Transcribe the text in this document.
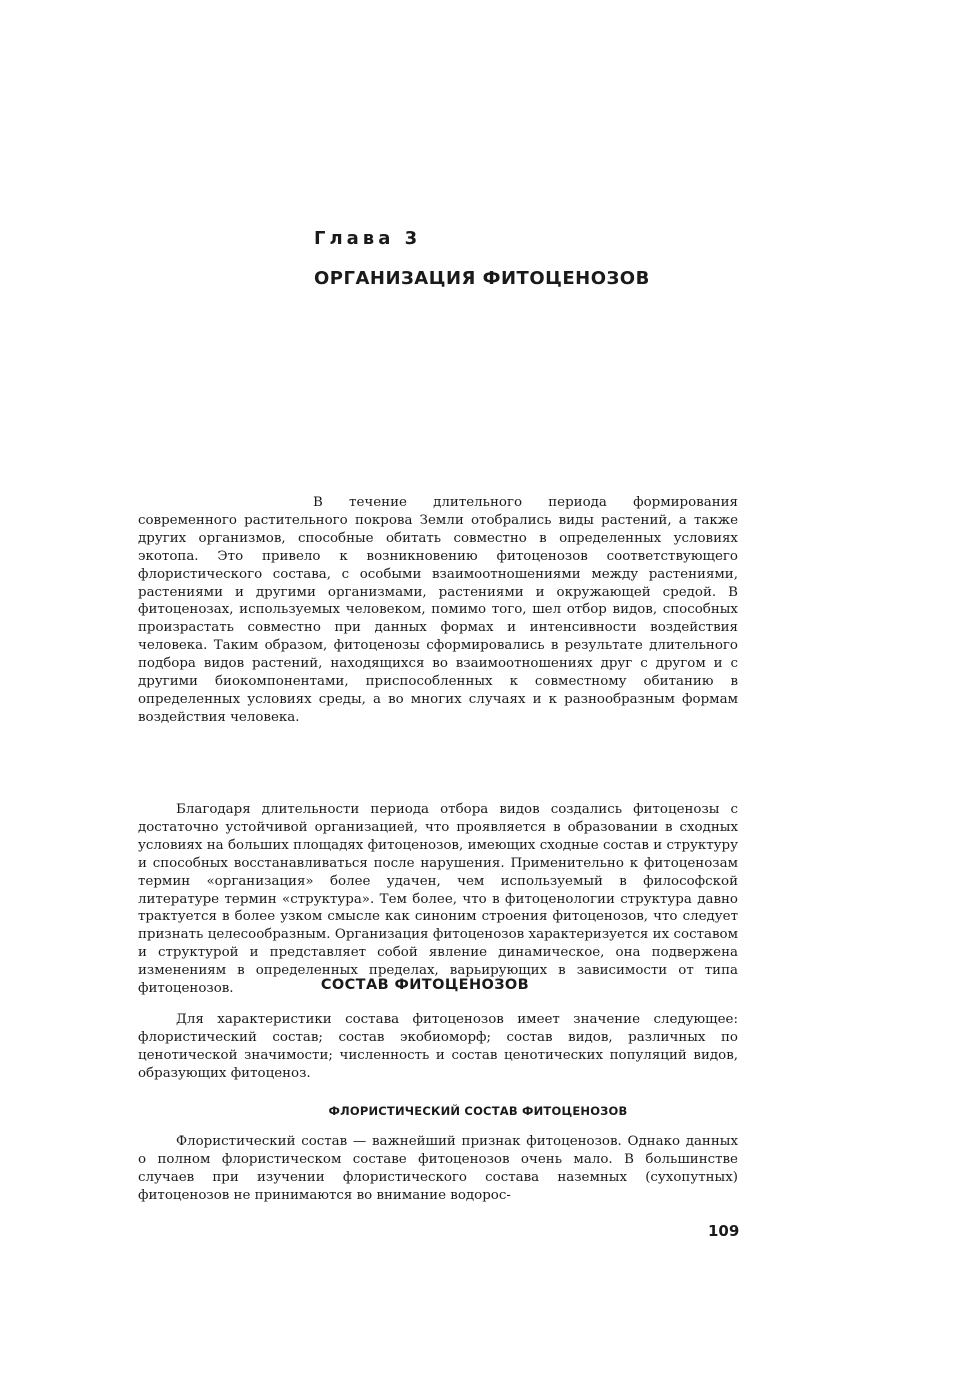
Глава 3
ОРГАНИЗАЦИЯ ФИТОЦЕНОЗОВ

В течение длительного периода формирования современного растительного покрова Земли отобрались виды растений, а также других организмов, способные обитать совместно в определенных условиях экотопа. Это привело к возникновению фитоценозов соответствующего флористического состава, с особыми взаимоотношениями между растениями, растениями и другими организмами, растениями и окружающей средой. В фитоценозах, используемых человеком, помимо того, шел отбор видов, способных произрастать совместно при данных формах и интенсивности воздействия человека. Таким образом, фитоценозы сформировались в результате длительного подбора видов растений, находящихся во взаимоотношениях друг с другом и с другими биокомпонентами, приспособленных к совместному обитанию в определенных условиях среды, а во многих случаях и к разнообразным формам воздействия человека.

Благодаря длительности периода отбора видов создались фитоценозы с достаточно устойчивой организацией, что проявляется в образовании в сходных условиях на больших площадях фитоценозов, имеющих сходные состав и структуру и способных восстанавливаться после нарушения. Применительно к фитоценозам термин «организация» более удачен, чем используемый в философской литературе термин «структура». Тем более, что в фитоценологии структура давно трактуется в более узком смысле как синоним строения фитоценозов, что следует признать целесообразным. Организация фитоценозов характеризуется их составом и структурой и представляет собой явление динамическое, она подвержена изменениям в определенных пределах, варьирующих в зависимости от типа фитоценозов.	СОСТАВ ФИТОЦЕНОЗОВ

Для характеристики состава фитоценозов имеет значение следующее: флористический состав; состав экобиоморф; состав видов, различных по ценотической значимости; численность и состав ценотических популяций видов, образующих фитоценоз.

ФЛОРИСТИЧЕСКИЙ СОСТАВ ФИТОЦЕНОЗОВ

Флористический состав — важнейший признак фитоценозов. Однако данных о полном флористическом составе фитоценозов очень мало. В большинстве случаев при изучении флористического состава наземных (сухопутных) фитоценозов не принимаются во внимание водорос-

109
